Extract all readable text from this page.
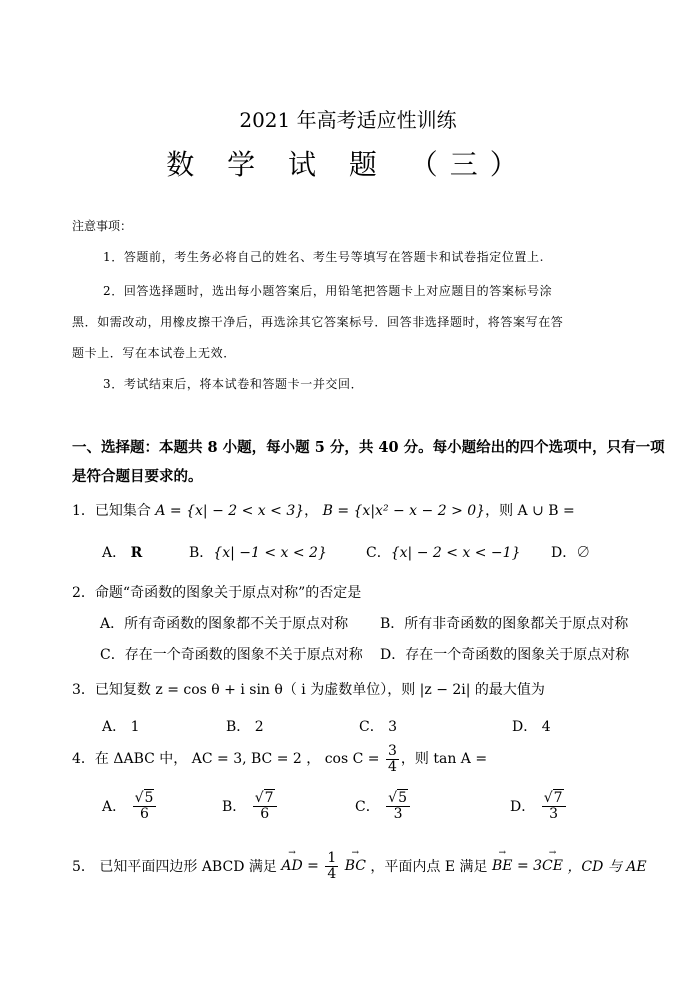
2021 年高考适应性训练
数 学 试 题 （三）
注意事项：
1．答题前，考生务必将自己的姓名、考生号等填写在答题卡和试卷指定位置上.
2．回答选择题时，选出每小题答案后，用铅笔把答题卡上对应题目的答案标号涂
黑．如需改动，用橡皮擦干净后，再选涂其它答案标号．回答非选择题时，将答案写在答
题卡上．写在本试卷上无效．
3．考试结束后，将本试卷和答题卡一并交回．
一、选择题：本题共 8 小题，每小题 5 分，共 40 分。每小题给出的四个选项中，只有一项
是符合题目要求的。
1．已知集合 A = {x| − 2 < x < 3}， B = {x|x² − x − 2 > 0}，则 A ∪ B =
A． R	B．{x| −1 < x < 2}	C．{x| − 2 < x < −1} D．∅
2．命题“奇函数的图象关于原点对称”的否定是
A．所有奇函数的图象都不关于原点对称 B．所有非奇函数的图象都关于原点对称
C．存在一个奇函数的图象不关于原点对称 D．存在一个奇函数的图象关于原点对称
3．已知复数 z = cos θ + i sin θ（ i 为虚数单位），则 |z − 2i| 的最大值为
A． 1	B． 2	C． 3	D． 4
4．在 ΔABC 中， AC = 3, BC = 2 ， $\cos C = \frac{3}{4}$ ，则 tan A =
A． $\frac{√5}{6}$	B． $\frac{√7}{6}$	C． $\frac{√5}{3}$	D． $\frac{√7}{3}$
5． 已知平面四边形 ABCD 满足
→
AD = $\frac{1}{4}$
	→
BC ，平面内点 E 满足
→
BE = 3
→
CE ，CD 与 AE
